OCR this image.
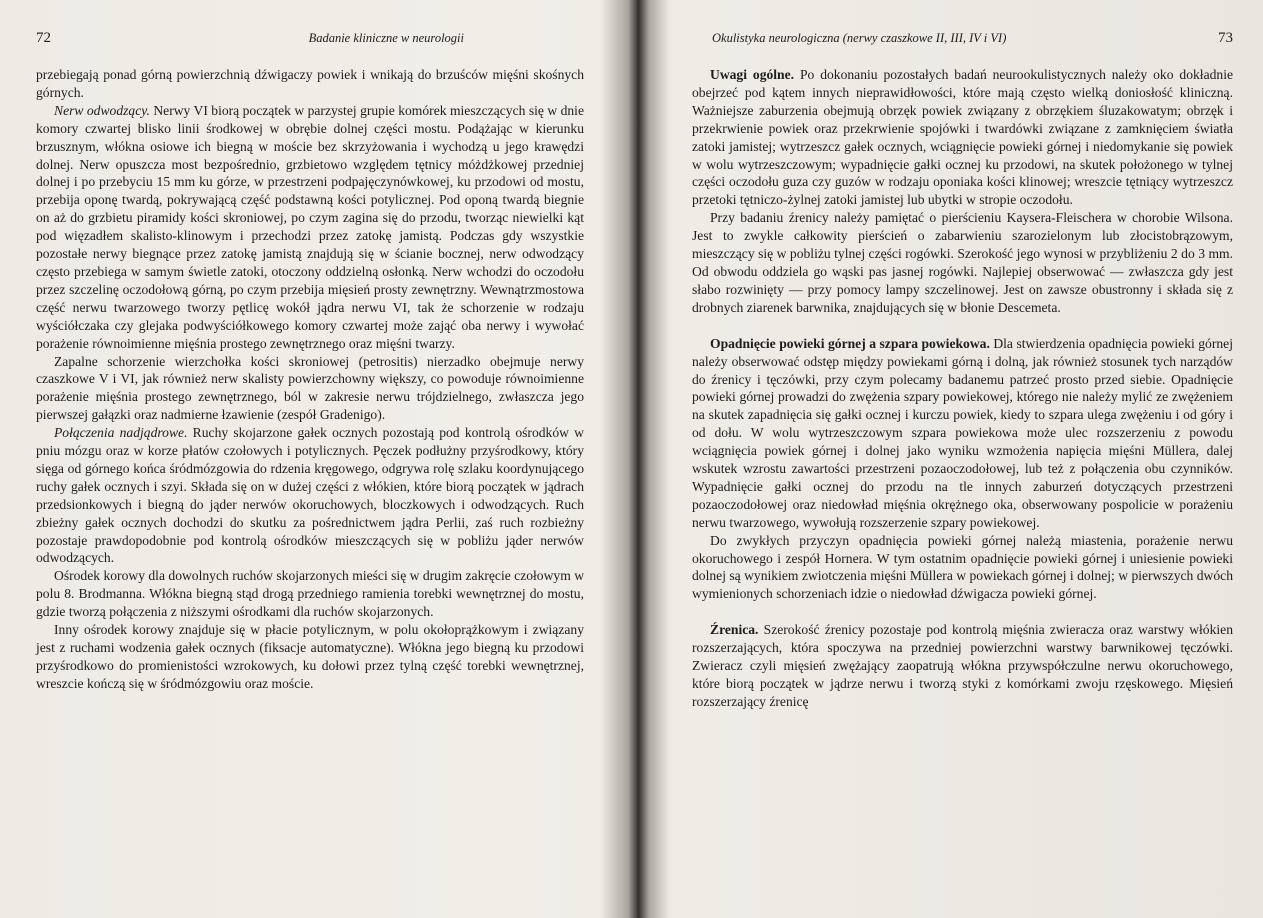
72	Badanie kliniczne w neurologii

przebiegają ponad górną powierzchnią dźwigaczy powiek i wnikają do brzuśców mięśni skośnych górnych.

Nerw odwodzący. Nerwy VI biorą początek w parzystej grupie komórek mieszczących się w dnie komory czwartej blisko linii środkowej w obrębie dolnej części mostu. Podążając w kierunku brzusznym, włókna osiowe ich biegną w moście bez skrzyżowania i wychodzą u jego krawędzi dolnej. Nerw opuszcza most bezpośrednio, grzbietowo względem tętnicy móżdżkowej przedniej dolnej i po przebyciu 15 mm ku górze, w przestrzeni podpajęczynówkowej, ku przodowi od mostu, przebija oponę twardą, pokrywającą część podstawną kości potylicznej. Pod oponą twardą biegnie on aż do grzbietu piramidy kości skroniowej, po czym zagina się do przodu, tworząc niewielki kąt pod więzadłem skalisto-klinowym i przechodzi przez zatokę jamistą. Podczas gdy wszystkie pozostałe nerwy biegnące przez zatokę jamistą znajdują się w ścianie bocznej, nerw odwodzący często przebiega w samym świetle zatoki, otoczony oddzielną osłonką. Nerw wchodzi do oczodołu przez szczelinę oczodołową górną, po czym przebija mięsień prosty zewnętrzny. Wewnątrzmostowa część nerwu twarzowego tworzy pętlicę wokół jądra nerwu VI, tak że schorzenie w rodzaju wyściółczaka czy glejaka podwyściółkowego komory czwartej może zająć oba nerwy i wywołać porażenie równoimienne mięśnia prostego zewnętrznego oraz mięśni twarzy.

Zapalne schorzenie wierzchołka kości skroniowej (petrositis) nierzadko obejmuje nerwy czaszkowe V i VI, jak również nerw skalisty powierzchowny większy, co powoduje równoimienne porażenie mięśnia prostego zewnętrznego, ból w zakresie nerwu trójdzielnego, zwłaszcza jego pierwszej gałązki oraz nadmierne łzawienie (zespół Gradenigo).

Połączenia nadjądrowe. Ruchy skojarzone gałek ocznych pozostają pod kontrolą ośrodków w pniu mózgu oraz w korze płatów czołowych i potylicznych. Pęczek podłużny przyśrodkowy, który sięga od górnego końca śródmózgowia do rdzenia kręgowego, odgrywa rolę szlaku koordynującego ruchy gałek ocznych i szyi. Składa się on w dużej części z włókien, które biorą początek w jądrach przedsionkowych i biegną do jąder nerwów okoruchowych, bloczkowych i odwodzących. Ruch zbieżny gałek ocznych dochodzi do skutku za pośrednictwem jądra Perlii, zaś ruch rozbieżny pozostaje prawdopodobnie pod kontrolą ośrodków mieszczących się w pobliżu jąder nerwów odwodzących.

Ośrodek korowy dla dowolnych ruchów skojarzonych mieści się w drugim zakręcie czołowym w polu 8. Brodmanna. Włókna biegną stąd drogą przedniego ramienia torebki wewnętrznej do mostu, gdzie tworzą połączenia z niższymi ośrodkami dla ruchów skojarzonych.

Inny ośrodek korowy znajduje się w płacie potylicznym, w polu okołoprążkowym i związany jest z ruchami wodzenia gałek ocznych (fiksacje automatyczne). Włókna jego biegną ku przodowi przyśrodkowo do promienistości wzrokowych, ku dołowi przez tylną część torebki wewnętrznej, wreszcie kończą się w śródmózgowiu oraz moście.

Okulistyka neurologiczna (nerwy czaszkowe II, III, IV i VI)	73

Uwagi ogólne. Po dokonaniu pozostałych badań neurookulistycznych należy oko dokładnie obejrzeć pod kątem innych nieprawidłowości, które mają często wielką doniosłość kliniczną. Ważniejsze zaburzenia obejmują obrzęk powiek związany z obrzękiem śluzakowatym; obrzęk i przekrwienie powiek oraz przekrwienie spojówki i twardówki związane z zamknięciem światła zatoki jamistej; wytrzeszcz gałek ocznych, wciągnięcie powieki górnej i niedomykanie się powiek w wolu wytrzeszczowym; wypadnięcie gałki ocznej ku przodowi, na skutek położonego w tylnej części oczodołu guza czy guzów w rodzaju oponiaka kości klinowej; wreszcie tętniący wytrzeszcz przetoki tętniczo-żylnej zatoki jamistej lub ubytki w stropie oczodołu.

Przy badaniu źrenicy należy pamiętać o pierścieniu Kaysera-Fleischera w chorobie Wilsona. Jest to zwykle całkowity pierścień o zabarwieniu szarozielonym lub złocistobrązowym, mieszczący się w pobliżu tylnej części rogówki. Szerokość jego wynosi w przybliżeniu 2 do 3 mm. Od obwodu oddziela go wąski pas jasnej rogówki. Najlepiej obserwować — zwłaszcza gdy jest słabo rozwinięty — przy pomocy lampy szczelinowej. Jest on zawsze obustronny i składa się z drobnych ziarenek barwnika, znajdujących się w błonie Descemeta.

Opadnięcie powieki górnej a szpara powiekowa. Dla stwierdzenia opadnięcia powieki górnej należy obserwować odstęp między powiekami górną i dolną, jak również stosunek tych narządów do źrenicy i tęczówki, przy czym polecamy badanemu patrzeć prosto przed siebie. Opadnięcie powieki górnej prowadzi do zwężenia szpary powiekowej, którego nie należy mylić ze zwężeniem na skutek zapadnięcia się gałki ocznej i kurczu powiek, kiedy to szpara ulega zwężeniu i od góry i od dołu. W wolu wytrzeszczowym szpara powiekowa może ulec rozszerzeniu z powodu wciągnięcia powiek górnej i dolnej jako wyniku wzmożenia napięcia mięśni Müllera, dalej wskutek wzrostu zawartości przestrzeni pozaoczodołowej, lub też z połączenia obu czynników. Wypadnięcie gałki ocznej do przodu na tle innych zaburzeń dotyczących przestrzeni pozaoczodołowej oraz niedowład mięśnia okrężnego oka, obserwowany pospolicie w porażeniu nerwu twarzowego, wywołują rozszerzenie szpary powiekowej.

Do zwykłych przyczyn opadnięcia powieki górnej należą miastenia, porażenie nerwu okoruchowego i zespół Hornera. W tym ostatnim opadnięcie powieki górnej i uniesienie powieki dolnej są wynikiem zwiotczenia mięśni Müllera w powiekach górnej i dolnej; w pierwszych dwóch wymienionych schorzeniach idzie o niedowład dźwigacza powieki górnej.

Źrenica. Szerokość źrenicy pozostaje pod kontrolą mięśnia zwieracza oraz warstwy włókien rozszerzających, która spoczywa na przedniej powierzchni warstwy barwnikowej tęczówki. Zwieracz czyli mięsień zwężający zaopatrują włókna przywspółczulne nerwu okoruchowego, które biorą początek w jądrze nerwu i tworzą styki z komórkami zwoju rzęskowego. Mięsień rozszerzający źrenicę
